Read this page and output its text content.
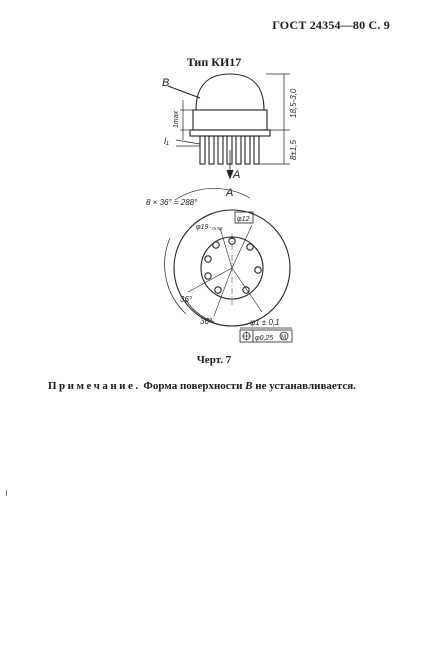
ГОСТ 24354—80 С. 9
Тип КИ17
В
А
А
18,5-3,0
8±1,5
1max
l₁
8 × 36° = 288°
φ19₋₀,₅₂
φ12
φ1 ± 0,1
φ0,25 М
36°
36°
Черт. 7
Примечание. Форма поверхности В не устанавливается.
